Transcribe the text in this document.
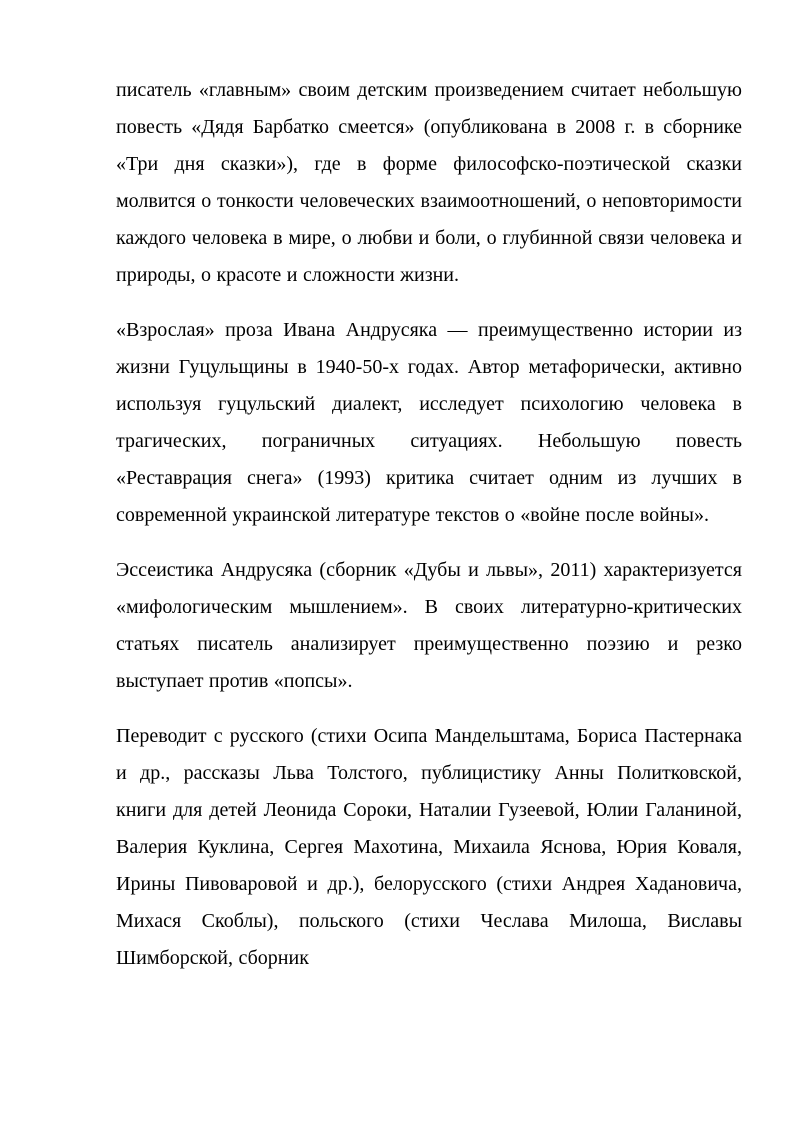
писатель «главным» своим детским произведением считает небольшую повесть «Дядя Барбатко смеется» (опубликована в 2008 г. в сборнике «Три дня сказки»), где в форме философско-поэтической сказки молвится о тонкости человеческих взаимоотношений, о неповторимости каждого человека в мире, о любви и боли, о глубинной связи человека и природы, о красоте и сложности жизни.

«Взрослая» проза Ивана Андрусяка — преимущественно истории из жизни Гуцульщины в 1940-50-х годах. Автор метафорически, активно используя гуцульский диалект, исследует психологию человека в трагических, пограничных ситуациях. Небольшую повесть «Реставрация снега» (1993) критика считает одним из лучших в современной украинской литературе текстов о «войне после войны».

Эссеистика Андрусяка (сборник «Дубы и львы», 2011) характеризуется «мифологическим мышлением». В своих литературно-критических статьях писатель анализирует преимущественно поэзию и резко выступает против «попсы».

Переводит с русского (стихи Осипа Мандельштама, Бориса Пастернака и др., рассказы Льва Толстого, публицистику Анны Политковской, книги для детей Леонида Сороки, Наталии Гузеевой, Юлии Галаниной, Валерия Куклина, Сергея Махотина, Михаила Яснова, Юрия Коваля, Ирины Пивоваровой и др.), белорусского (стихи Андрея Хадановича, Михася Скоблы), польского (стихи Чеслава Милоша, Виславы Шимборской, сборник
